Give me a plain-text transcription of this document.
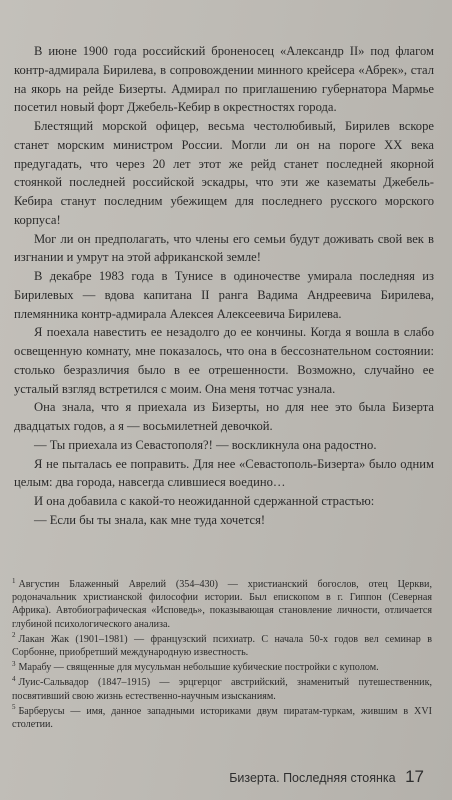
В июне 1900 года российский броненосец «Александр II» под флагом контр-адмирала Бирилева, в сопровождении минного крейсера «Абрек», стал на якорь на рейде Бизерты. Адмирал по приглашению губернатора Мармье посетил новый форт Джебель-Кебир в окрестностях города.

Блестящий морской офицер, весьма честолюбивый, Бирилев вскоре станет морским министром России. Могли ли он на пороге XX века предугадать, что через 20 лет этот же рейд станет последней якорной стоянкой последней российской эскадры, что эти же казематы Джебель-Кебира станут последним убежищем для последнего русского морского корпуса!

Мог ли он предполагать, что члены его семьи будут доживать свой век в изгнании и умрут на этой африканской земле!

В декабре 1983 года в Тунисе в одиночестве умирала последняя из Бирилевых — вдова капитана II ранга Вадима Андреевича Бирилева, племянника контр-адмирала Алексея Алексеевича Бирилева.

Я поехала навестить ее незадолго до ее кончины. Когда я вошла в слабо освещенную комнату, мне показалось, что она в бессознательном состоянии: столько безразличия было в ее отрешенности. Возможно, случайно ее усталый взгляд встретился с моим. Она меня тотчас узнала.

Она знала, что я приехала из Бизерты, но для нее это была Бизерта двадцатых годов, а я — восьмилетней девочкой.

— Ты приехала из Севастополя?! — воскликнула она радостно.

Я не пыталась ее поправить. Для нее «Севастополь-Бизерта» было одним целым: два города, навсегда слившиеся воедино…

И она добавила с какой-то неожиданной сдержанной страстью:

— Если бы ты знала, как мне туда хочется!

$^1$ Августин Блаженный Аврелий (354–430) — христианский богослов, отец Церкви, родоначальник христианской философии истории. Был епископом в г. Гиппон (Северная Африка). Автобиографическая «Исповедь», показывающая становление личности, отличается глубиной психологического анализа.

$^2$ Лакан Жак (1901–1981) — французский психиатр. С начала 50-х годов вел семинар в Сорбонне, приобретший международную известность.

$^3$ Марабу — священные для мусульман небольшие кубические постройки с куполом.

$^4$ Луис-Сальвадор (1847–1915) — эрцгерцог австрийский, знаменитый путешественник, посвятивший свою жизнь естественно-научным изысканиям.

$^5$ Барберусы — имя, данное западными историками двум пиратам-туркам, жившим в XVI столетии.

Бизерта. Последняя стоянка 17
